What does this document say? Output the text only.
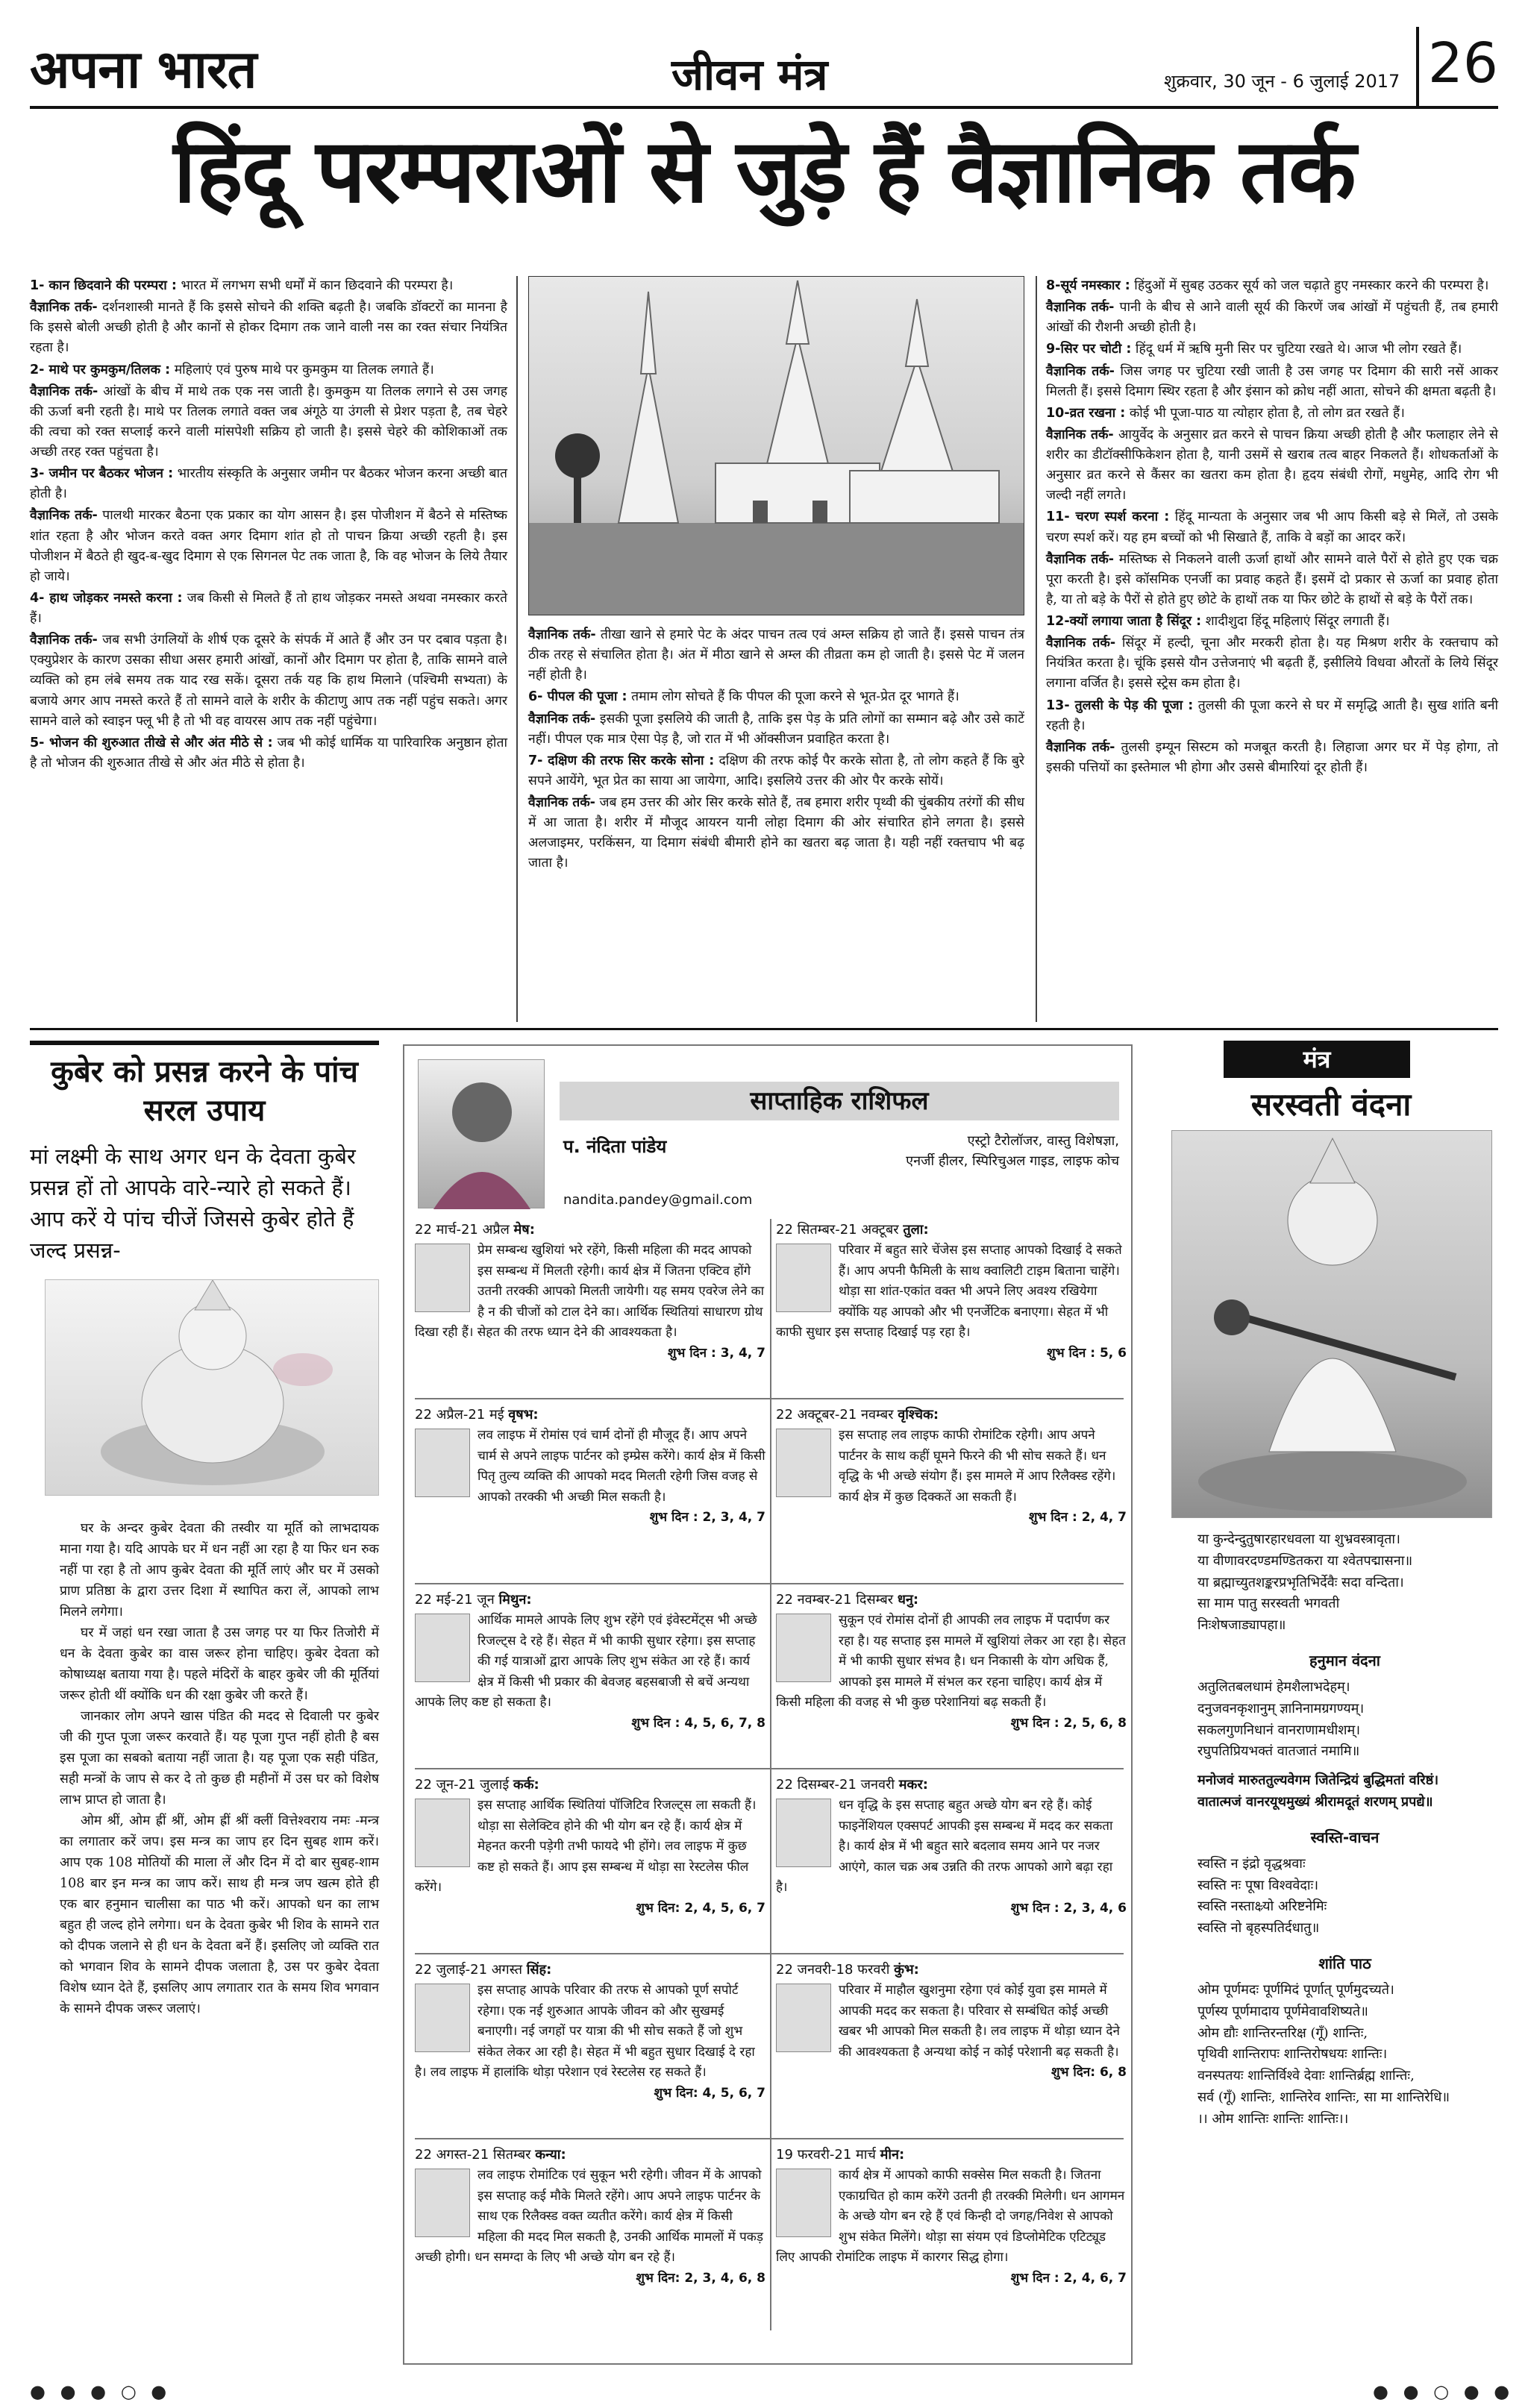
अपना भारत	जीवन मंत्र	शुक्रवार, 30 जून - 6 जुलाई 2017 26
हिंदू परम्पराओं से जुड़े हैं वैज्ञानिक तर्क

1- कान छिदवाने की परम्परा : भारत में लगभग सभी धर्मों में कान छिदवाने की परम्परा है।

वैज्ञानिक तर्क- दर्शनशास्त्री मानते हैं कि इससे सोचने की शक्ति बढ़ती है। जबकि डॉक्टरों का मानना है कि इससे बोली अच्छी होती है और कानों से होकर दिमाग तक जाने वाली नस का रक्त संचार नियंत्रित रहता है।

2- माथे पर कुमकुम/तिलक : महिलाएं एवं पुरुष माथे पर कुमकुम या तिलक लगाते हैं।

वैज्ञानिक तर्क- आंखों के बीच में माथे तक एक नस जाती है। कुमकुम या तिलक लगाने से उस जगह की ऊर्जा बनी रहती है। माथे पर तिलक लगाते वक्त जब अंगूठे या उंगली से प्रेशर पड़ता है, तब चेहरे की त्वचा को रक्त सप्लाई करने वाली मांसपेशी सक्रिय हो जाती है। इससे चेहरे की कोशिकाओं तक अच्छी तरह रक्त पहुंचता है।

3- जमीन पर बैठकर भोजन : भारतीय संस्कृति के अनुसार जमीन पर बैठकर भोजन करना अच्छी बात होती है।

वैज्ञानिक तर्क- पालथी मारकर बैठना एक प्रकार का योग आसन है। इस पोजीशन में बैठने से मस्तिष्क शांत रहता है और भोजन करते वक्त अगर दिमाग शांत हो तो पाचन क्रिया अच्छी रहती है। इस पोजीशन में बैठते ही खुद-ब-खुद दिमाग से एक सिगनल पेट तक जाता है, कि वह भोजन के लिये तैयार हो जाये।

4- हाथ जोड़कर नमस्ते करना : जब किसी से मिलते हैं तो हाथ जोड़कर नमस्ते अथवा नमस्कार करते हैं।

वैज्ञानिक तर्क- जब सभी उंगलियों के शीर्ष एक दूसरे के संपर्क में आते हैं और उन पर दबाव पड़ता है। एक्युप्रेशर के कारण उसका सीधा असर हमारी आंखों, कानों और दिमाग पर होता है, ताकि सामने वाले व्यक्ति को हम लंबे समय तक याद रख सकें। दूसरा तर्क यह कि हाथ मिलाने (पश्चिमी सभ्यता) के बजाये अगर आप नमस्ते करते हैं तो सामने वाले के शरीर के कीटाणु आप तक नहीं पहुंच सकते। अगर सामने वाले को स्वाइन फ्लू भी है तो भी वह वायरस आप तक नहीं पहुंचेगा।

5- भोजन की शुरुआत तीखे से और अंत मीठे से : जब भी कोई धार्मिक या पारिवारिक अनुष्ठान होता है तो भोजन की शुरुआत तीखे से और अंत मीठे से होता है।

वैज्ञानिक तर्क- तीखा खाने से हमारे पेट के अंदर पाचन तत्व एवं अम्ल सक्रिय हो जाते हैं। इससे पाचन तंत्र ठीक तरह से संचालित होता है। अंत में मीठा खाने से अम्ल की तीव्रता कम हो जाती है। इससे पेट में जलन नहीं होती है।

6- पीपल की पूजा : तमाम लोग सोचते हैं कि पीपल की पूजा करने से भूत-प्रेत दूर भागते हैं।

वैज्ञानिक तर्क- इसकी पूजा इसलिये की जाती है, ताकि इस पेड़ के प्रति लोगों का सम्मान बढ़े और उसे काटें नहीं। पीपल एक मात्र ऐसा पेड़ है, जो रात में भी ऑक्सीजन प्रवाहित करता है।

7- दक्षिण की तरफ सिर करके सोना : दक्षिण की तरफ कोई पैर करके सोता है, तो लोग कहते हैं कि बुरे सपने आयेंगे, भूत प्रेत का साया आ जायेगा, आदि। इसलिये उत्तर की ओर पैर करके सोयें।

वैज्ञानिक तर्क- जब हम उत्तर की ओर सिर करके सोते हैं, तब हमारा शरीर पृथ्वी की चुंबकीय तरंगों की सीध में आ जाता है। शरीर में मौजूद आयरन यानी लोहा दिमाग की ओर संचारित होने लगता है। इससे अलजाइमर, परकिंसन, या दिमाग संबंधी बीमारी होने का खतरा बढ़ जाता है। यही नहीं रक्तचाप भी बढ़ जाता है।

8-सूर्य नमस्कार : हिंदुओं में सुबह उठकर सूर्य को जल चढ़ाते हुए नमस्कार करने की परम्परा है।

वैज्ञानिक तर्क- पानी के बीच से आने वाली सूर्य की किरणें जब आंखों में पहुंचती हैं, तब हमारी आंखों की रौशनी अच्छी होती है।

9-सिर पर चोटी : हिंदू धर्म में ऋषि मुनी सिर पर चुटिया रखते थे। आज भी लोग रखते हैं।

वैज्ञानिक तर्क- जिस जगह पर चुटिया रखी जाती है उस जगह पर दिमाग की सारी नसें आकर मिलती हैं। इससे दिमाग स्थिर रहता है और इंसान को क्रोध नहीं आता, सोचने की क्षमता बढ़ती है।

10-व्रत रखना : कोई भी पूजा-पाठ या त्योहार होता है, तो लोग व्रत रखते हैं।

वैज्ञानिक तर्क- आयुर्वेद के अनुसार व्रत करने से पाचन क्रिया अच्छी होती है और फलाहार लेने से शरीर का डीटॉक्सीफिकेशन होता है, यानी उसमें से खराब तत्व बाहर निकलते हैं। शोधकर्ताओं के अनुसार व्रत करने से कैंसर का खतरा कम होता है। हृदय संबंधी रोगों, मधुमेह, आदि रोग भी जल्दी नहीं लगते।

11- चरण स्पर्श करना : हिंदू मान्यता के अनुसार जब भी आप किसी बड़े से मिलें, तो उसके चरण स्पर्श करें। यह हम बच्चों को भी सिखाते हैं, ताकि वे बड़ों का आदर करें।

वैज्ञानिक तर्क- मस्तिष्क से निकलने वाली ऊर्जा हाथों और सामने वाले पैरों से होते हुए एक चक्र पूरा करती है। इसे कॉसमिक एनर्जी का प्रवाह कहते हैं। इसमें दो प्रकार से ऊर्जा का प्रवाह होता है, या तो बड़े के पैरों से होते हुए छोटे के हाथों तक या फिर छोटे के हाथों से बड़े के पैरों तक।

12-क्यों लगाया जाता है सिंदूर : शादीशुदा हिंदू महिलाएं सिंदूर लगाती हैं।

वैज्ञानिक तर्क- सिंदूर में हल्दी, चूना और मरकरी होता है। यह मिश्रण शरीर के रक्तचाप को नियंत्रित करता है। चूंकि इससे यौन उत्तेजनाएं भी बढ़ती हैं, इसीलिये विधवा औरतों के लिये सिंदूर लगाना वर्जित है। इससे स्ट्रेस कम होता है।

13- तुलसी के पेड़ की पूजा : तुलसी की पूजा करने से घर में समृद्धि आती है। सुख शांति बनी रहती है।

वैज्ञानिक तर्क- तुलसी इम्यून सिस्टम को मजबूत करती है। लिहाजा अगर घर में पेड़ होगा, तो इसकी पत्तियों का इस्तेमाल भी होगा और उससे बीमारियां दूर होती हैं।

कुबेर को प्रसन्न करने के पांच सरल उपाय
मां लक्ष्मी के साथ अगर धन के देवता कुबेर प्रसन्न हों तो आपके वारे-न्यारे हो सकते हैं। आप करें ये पांच चीजें जिससे कुबेर होते हैं जल्द प्रसन्न-

घर के अन्दर कुबेर देवता की तस्वीर या मूर्ति को लाभदायक माना गया है। यदि आपके घर में धन नहीं आ रहा है या फिर धन रुक नहीं पा रहा है तो आप कुबेर देवता की मूर्ति लाएं और घर में उसको प्राण प्रतिष्ठा के द्वारा उत्तर दिशा में स्थापित करा लें, आपको लाभ मिलने लगेगा।

घर में जहां धन रखा जाता है उस जगह पर या फिर तिजोरी में धन के देवता कुबेर का वास जरूर होना चाहिए। कुबेर देवता को कोषाध्यक्ष बताया गया है। पहले मंदिरों के बाहर कुबेर जी की मूर्तियां जरूर होती थीं क्योंकि धन की रक्षा कुबेर जी करते हैं।

जानकार लोग अपने खास पंडित की मदद से दिवाली पर कुबेर जी की गुप्त पूजा जरूर करवाते हैं। यह पूजा गुप्त नहीं होती है बस इस पूजा का सबको बताया नहीं जाता है। यह पूजा एक सही पंडित, सही मन्त्रों के जाप से कर दे तो कुछ ही महीनों में उस घर को विशेष लाभ प्राप्त हो जाता है।

ओम श्रीं, ओम ह्रीं श्रीं, ओम ह्रीं श्रीं क्लीं वित्तेश्वराय नमः -मन्त्र का लगातार करें जप। इस मन्त्र का जाप हर दिन सुबह शाम करें। आप एक 108 मोतियों की माला लें और दिन में दो बार सुबह-शाम 108 बार इन मन्त्र का जाप करें। साथ ही मन्त्र जप खत्म होते ही एक बार हनुमान चालीसा का पाठ भी करें। आपको धन का लाभ बहुत ही जल्द होने लगेगा। धन के देवता कुबेर भी शिव के सामने रात को दीपक जलाने से ही धन के देवता बनें हैं। इसलिए जो व्यक्ति रात को भगवान शिव के सामने दीपक जलाता है, उस पर कुबेर देवता विशेष ध्यान देते हैं, इसलिए आप लगातार रात के समय शिव भगवान के सामने दीपक जरूर जलाएं।

साप्ताहिक राशिफल
प. नंदिता पांडेय	एस्ट्रो टैरोलॉजर, वास्तु विशेषज्ञा,
एनर्जी हीलर, स्पिरिचुअल गाइड, लाइफ कोच
nandita.pandey@gmail.com
22 मार्च-21 अप्रैल मेष:
प्रेम सम्बन्ध खुशियां भरे रहेंगे, किसी महिला की मदद आपको इस सम्बन्ध में मिलती रहेगी। कार्य क्षेत्र में जितना एक्टिव होंगे उतनी तरक्की आपको मिलती जायेगी। यह समय एवरेज लेने का है न की चीजों को टाल देने का। आर्थिक स्थितियां साधारण ग्रोथ दिखा रही हैं। सेहत की तरफ ध्यान देने की आवश्यकता है।
शुभ दिन : 3, 4, 7
22 सितम्बर-21 अक्टूबर तुला:
परिवार में बहुत सारे चेंजेस इस सप्ताह आपको दिखाई दे सकते हैं। आप अपनी फैमिली के साथ क्वालिटी टाइम बिताना चाहेंगे। थोड़ा सा शांत-एकांत वक्त भी अपने लिए अवश्य रखियेगा क्योंकि यह आपको और भी एनर्जेटिक बनाएगा। सेहत में भी काफी सुधार इस सप्ताह दिखाई पड़ रहा है।
शुभ दिन : 5, 6
22 अप्रैल-21 मई वृषभ:
लव लाइफ में रोमांस एवं चार्म दोनों ही मौजूद हैं। आप अपने चार्म से अपने लाइफ पार्टनर को इम्प्रेस करेंगे। कार्य क्षेत्र में किसी पितृ तुल्य व्यक्ति की आपको मदद मिलती रहेगी जिस वजह से आपको तरक्की भी अच्छी मिल सकती है।
शुभ दिन : 2, 3, 4, 7
22 अक्टूबर-21 नवम्बर वृश्चिक:
इस सप्ताह लव लाइफ काफी रोमांटिक रहेगी। आप अपने पार्टनर के साथ कहीं घूमने फिरने की भी सोच सकते हैं। धन वृद्धि के भी अच्छे संयोग हैं। इस मामले में आप रिलैक्स्ड रहेंगे। कार्य क्षेत्र में कुछ दिक्कतें आ सकती हैं।
शुभ दिन : 2, 4, 7
22 मई-21 जून मिथुन:
आर्थिक मामले आपके लिए शुभ रहेंगे एवं इंवेस्टमेंट्स भी अच्छे रिजल्ट्स दे रहे हैं। सेहत में भी काफी सुधार रहेगा। इस सप्ताह की गई यात्राओं द्वारा आपके लिए शुभ संकेत आ रहे हैं। कार्य क्षेत्र में किसी भी प्रकार की बेवजह बहसबाजी से बचें अन्यथा आपके लिए कष्ट हो सकता है।
शुभ दिन : 4, 5, 6, 7, 8
22 नवम्बर-21 दिसम्बर धनु:
सुकून एवं रोमांस दोनों ही आपकी लव लाइफ में पदार्पण कर रहा है। यह सप्ताह इस मामले में खुशियां लेकर आ रहा है। सेहत में भी काफी सुधार संभव है। धन निकासी के योग अधिक हैं, आपको इस मामले में संभल कर रहना चाहिए। कार्य क्षेत्र में किसी महिला की वजह से भी कुछ परेशानियां बढ़ सकती हैं।
शुभ दिन : 2, 5, 6, 8
22 जून-21 जुलाई कर्क:
इस सप्ताह आर्थिक स्थितियां पॉजिटिव रिजल्ट्स ला सकती हैं। थोड़ा सा सेलेक्टिव होने की भी योग बन रहे हैं। कार्य क्षेत्र में मेहनत करनी पड़ेगी तभी फायदे भी होंगे। लव लाइफ में कुछ कष्ट हो सकते हैं। आप इस सम्बन्ध में थोड़ा सा रेस्टलेस फील करेंगे।
शुभ दिन: 2, 4, 5, 6, 7
22 दिसम्बर-21 जनवरी मकर:
धन वृद्धि के इस सप्ताह बहुत अच्छे योग बन रहे हैं। कोई फाइनेंशियल एक्सपर्ट आपकी इस सम्बन्ध में मदद कर सकता है। कार्य क्षेत्र में भी बहुत सारे बदलाव समय आने पर नजर आएंगे, काल चक्र अब उन्नति की तरफ आपको आगे बढ़ा रहा है।
शुभ दिन : 2, 3, 4, 6
22 जुलाई-21 अगस्त सिंह:
इस सप्ताह आपके परिवार की तरफ से आपको पूर्ण सपोर्ट रहेगा। एक नई शुरुआत आपके जीवन को और सुखमई बनाएगी। नई जगहों पर यात्रा की भी सोच सकते हैं जो शुभ संकेत लेकर आ रही है। सेहत में भी बहुत सुधार दिखाई दे रहा है। लव लाइफ में हालांकि थोड़ा परेशान एवं रेस्टलेस रह सकते हैं।
शुभ दिन: 4, 5, 6, 7
22 जनवरी-18 फरवरी कुंभ:
परिवार में माहौल खुशनुमा रहेगा एवं कोई युवा इस मामले में आपकी मदद कर सकता है। परिवार से सम्बंधित कोई अच्छी खबर भी आपको मिल सकती है। लव लाइफ में थोड़ा ध्यान देने की आवश्यकता है अन्यथा कोई न कोई परेशानी बढ़ सकती है।
शुभ दिन: 6, 8
22 अगस्त-21 सितम्बर कन्या:
लव लाइफ रोमांटिक एवं सुकून भरी रहेगी। जीवन में के आपको इस सप्ताह कई मौके मिलते रहेंगे। आप अपने लाइफ पार्टनर के साथ एक रिलैक्स्ड वक्त व्यतीत करेंगे। कार्य क्षेत्र में किसी महिला की मदद मिल सकती है, उनकी आर्थिक मामलों में पकड़ अच्छी होगी। धन समग्दा के लिए भी अच्छे योग बन रहे हैं।
शुभ दिन: 2, 3, 4, 6, 8
19 फरवरी-21 मार्च मीन:
कार्य क्षेत्र में आपको काफी सक्सेस मिल सकती है। जितना एकाग्रचित हो काम करेंगे उतनी ही तरक्की मिलेगी। धन आगमन के अच्छे योग बन रहे हैं एवं किन्ही दो जगह/निवेश से आपको शुभ संकेत मिलेंगे। थोड़ा सा संयम एवं डिप्लोमेटिक एटिट्यूड लिए आपकी रोमांटिक लाइफ में कारगर सिद्ध होगा।
शुभ दिन : 2, 4, 6, 7
मंत्र
सरस्वती वंदना
या कुन्देन्दुतुषारहारधवला या शुभ्रवस्त्रावृता।
या वीणावरदण्डमण्डितकरा या श्वेतपद्मासना॥
या ब्रह्माच्युतशङ्करप्रभृतिभिर्देवैः सदा वन्दिता।
सा माम पातु सरस्वती भगवती
निःशेषजाड्यापहा॥
हनुमान वंदना
अतुलितबलधामं हेमशैलाभदेहम्।
दनुजवनकृशानुम् ज्ञानिनामग्रगण्यम्।
सकलगुणनिधानं वानराणामधीशम्।
रघुपतिप्रियभक्तं वातजातं नमामि॥
मनोजवं मारुततुल्यवेगम जितेन्द्रियं बुद्धिमतां वरिष्ठं।
वातात्मजं वानरयूथमुख्यं श्रीरामदूतं शरणम् प्रपद्ये॥
स्वस्ति-वाचन
स्वस्ति न इंद्रो वृद्धश्रवाः
स्वस्ति नः पूषा विश्ववेदाः।
स्वस्ति नस्ताक्ष्र्यो अरिष्टनेमिः
स्वस्ति नो बृहस्पतिर्दधातु॥
शांति पाठ
ओम पूर्णमदः पूर्णमिदं पूर्णात् पूर्णमुदच्यते।
पूर्णस्य पूर्णमादाय पूर्णमेवावशिष्यते॥
ओम द्यौः शान्तिरन्तरिक्ष (गूँ) शान्तिः,
पृथिवी शान्तिरापः शान्तिरोषधयः शान्तिः।
वनस्पतयः शान्तिर्विश्वे देवाः शान्तिर्ब्रह्म शान्तिः,
सर्व (गूँ) शान्तिः, शान्तिरेव शान्तिः, सा मा शान्तिरेधि॥
।। ओम शान्तिः शान्तिः शान्तिः।।
● ● ● ○ ●	● ● ○ ● ●
